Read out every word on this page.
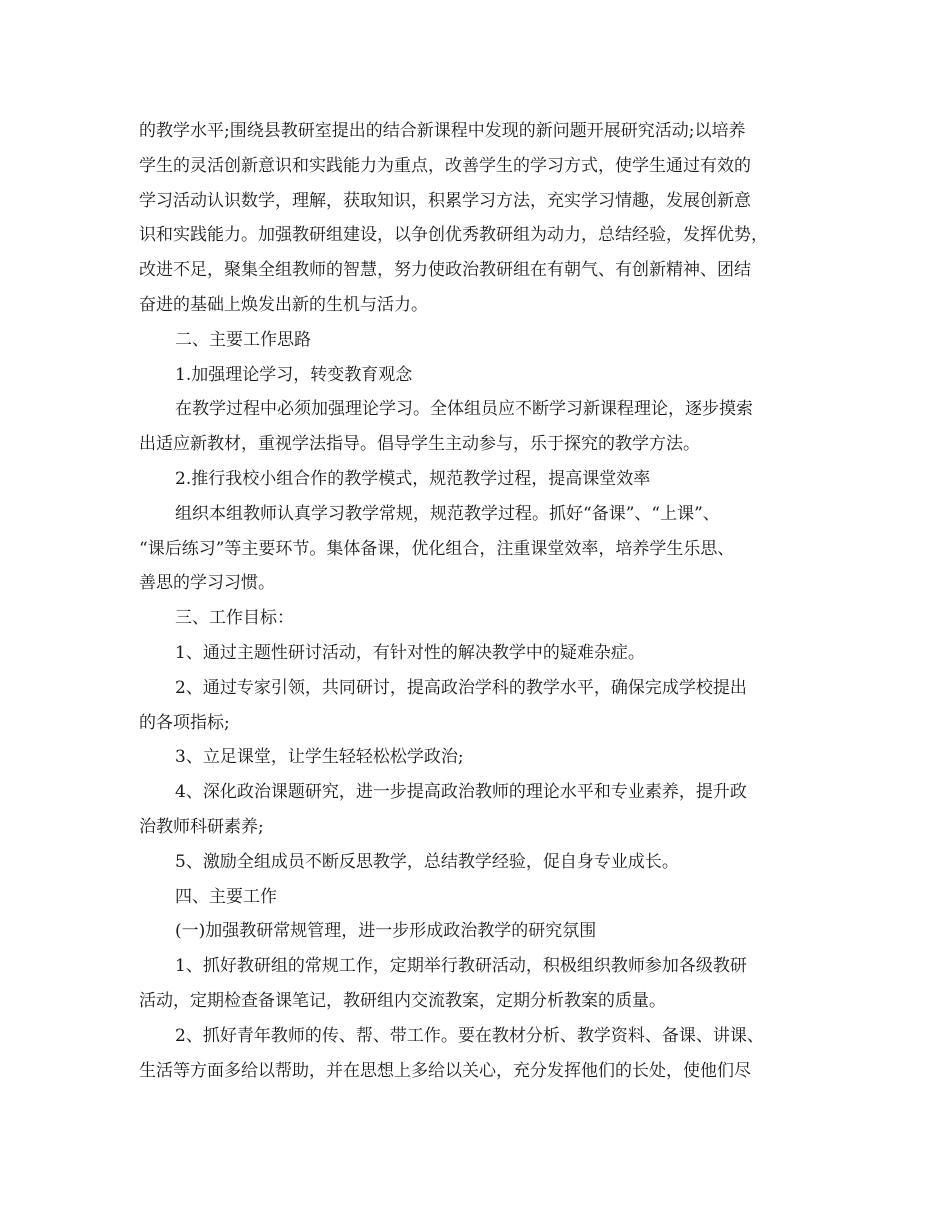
的教学水平;围绕县教研室提出的结合新课程中发现的新问题开展研究活动;以培养
学生的灵活创新意识和实践能力为重点，改善学生的学习方式，使学生通过有效的
学习活动认识数学，理解，获取知识，积累学习方法，充实学习情趣，发展创新意
识和实践能力。加强教研组建设，以争创优秀教研组为动力，总结经验，发挥优势，
改进不足，聚集全组教师的智慧，努力使政治教研组在有朝气、有创新精神、团结
奋进的基础上焕发出新的生机与活力。
二、主要工作思路
1.加强理论学习，转变教育观念
在教学过程中必须加强理论学习。全体组员应不断学习新课程理论，逐步摸索
出适应新教材，重视学法指导。倡导学生主动参与，乐于探究的教学方法。
2.推行我校小组合作的教学模式，规范教学过程，提高课堂效率
组织本组教师认真学习教学常规，规范教学过程。抓好“备课”、“上课”、
“课后练习”等主要环节。集体备课，优化组合，注重课堂效率，培养学生乐思、
善思的学习习惯。
三、工作目标：
1、通过主题性研讨活动，有针对性的解决教学中的疑难杂症。
2、通过专家引领，共同研讨，提高政治学科的教学水平，确保完成学校提出
的各项指标;
3、立足课堂，让学生轻轻松松学政治;
4、深化政治课题研究，进一步提高政治教师的理论水平和专业素养，提升政
治教师科研素养;
5、激励全组成员不断反思教学，总结教学经验，促自身专业成长。
四、主要工作
(一)加强教研常规管理，进一步形成政治教学的研究氛围
1、抓好教研组的常规工作，定期举行教研活动，积极组织教师参加各级教研
活动，定期检查备课笔记，教研组内交流教案，定期分析教案的质量。
2、抓好青年教师的传、帮、带工作。要在教材分析、教学资料、备课、讲课、
生活等方面多给以帮助，并在思想上多给以关心，充分发挥他们的长处，使他们尽
